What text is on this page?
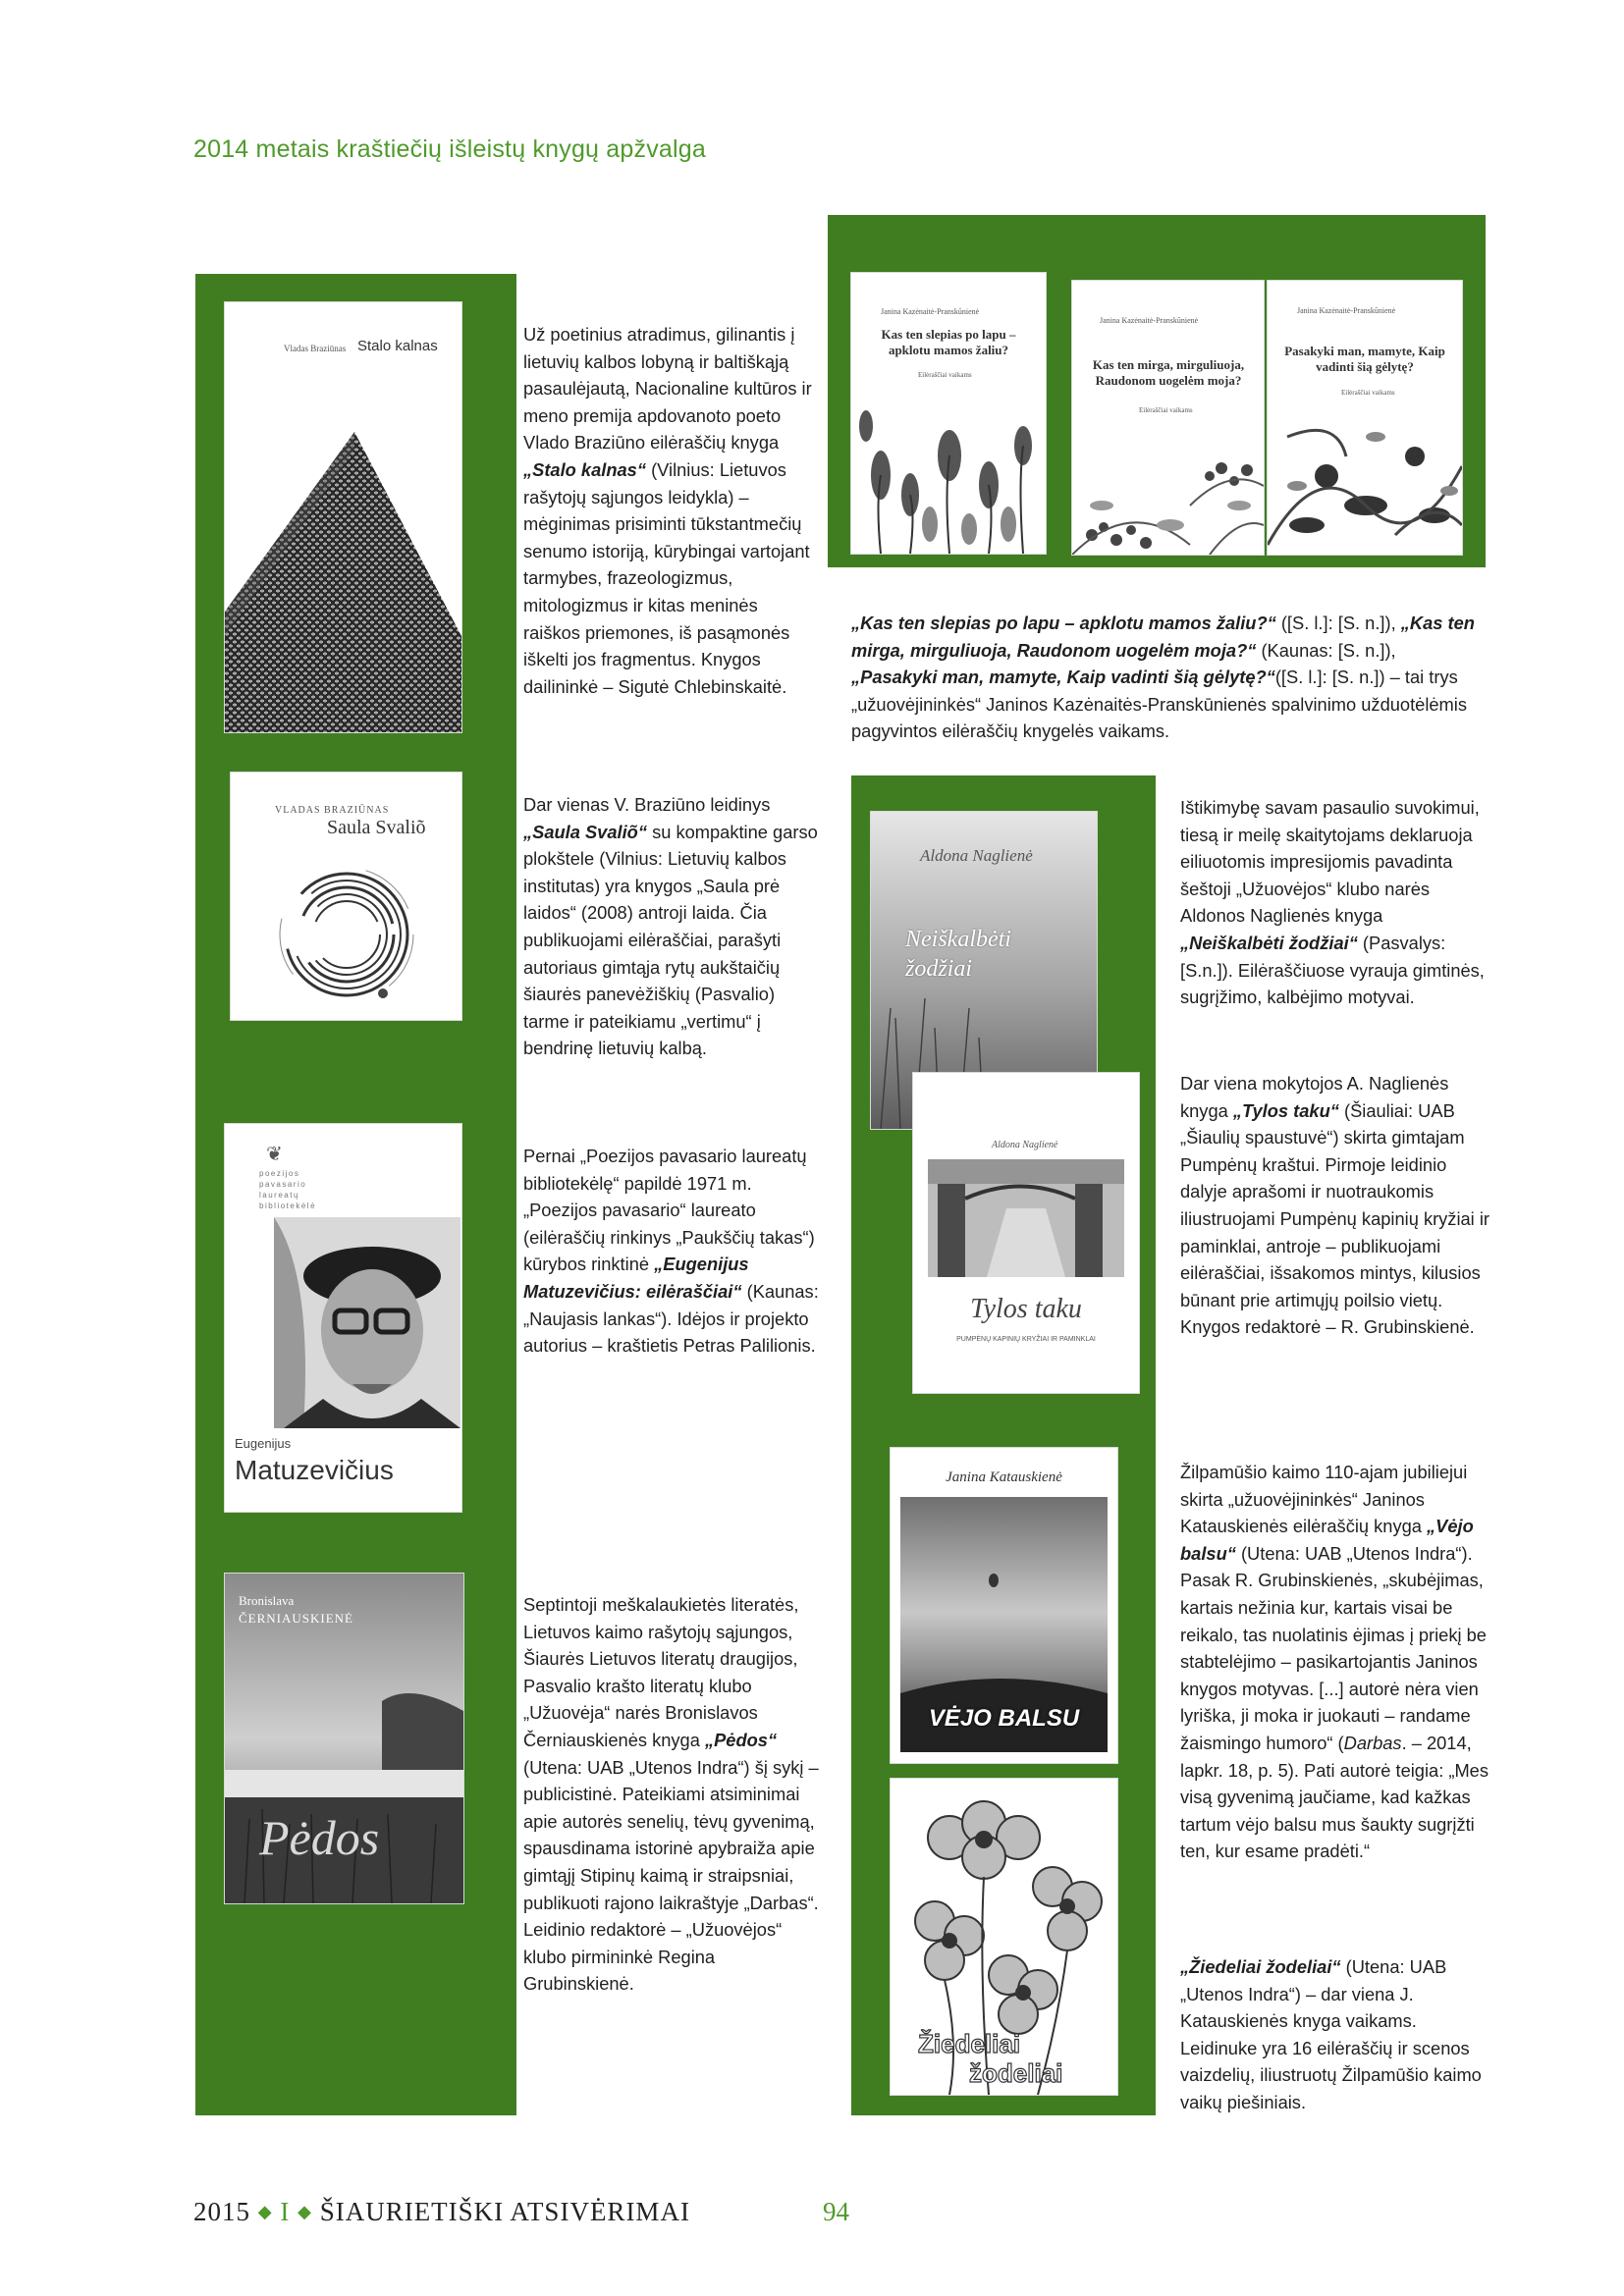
2014 metais kraštiečių išleistų knygų apžvalga
Vladas Braziūnas Stalo kalnas
Už poetinius atradimus, gilinantis į lietuvių kalbos lobyną ir baltiškąją pasaulėjautą, Nacionaline kultūros ir meno premija apdovanoto poeto Vlado Braziūno eilėraščių knyga „Stalo kalnas“ (Vilnius: Lietuvos rašytojų sąjungos leidykla) – mėginimas prisiminti tūkstantmečių senumo istoriją, kūrybingai vartojant tarmybes, frazeologizmus, mitologizmus ir kitas meninės raiškos priemones, iš pasąmonės iškelti jos fragmentus. Knygos dailininkė – Sigutė Chlebinskaitė.
VLADAS BRAZIŪNAS
Saula Svaliõ
Dar vienas V. Braziūno leidinys „Saula Svaliõ“ su kompaktine garso plokštele (Vilnius: Lietuvių kalbos institutas) yra knygos „Saula prė laidos“ (2008) antroji laida. Čia publikuojami eilėraščiai, parašyti autoriaus gimtąja rytų aukštaičių šiaurės panevėžiškių (Pasvalio) tarme ir pateikiamu „vertimu“ į bendrinę lietuvių kalbą.
❦
poezijos pavasario laureatų bibliotekėlė
Eugenijus
Matuzevičius
Pernai „Poezijos pavasario laureatų bibliotekėlę“ papildė 1971 m. „Poezijos pavasario“ laureato (eilėraščių rinkinys „Paukščių takas“) kūrybos rinktinė „Eugenijus Matuzevičius: eilėraščiai“ (Kaunas: „Naujasis lankas“). Idėjos ir projekto autorius – kraštietis Petras Palilionis.
Bronislava
ČERNIAUSKIENĖ
Pėdos
Septintoji meškalaukietės literatės, Lietuvos kaimo rašytojų sąjungos, Šiaurės Lietuvos literatų draugijos, Pasvalio krašto literatų klubo „Užuovėja“ narės Bronislavos Černiauskienės knyga „Pėdos“ (Utena: UAB „Utenos Indra“) šį sykį – publicistinė. Pateikiami atsiminimai apie autorės senelių, tėvų gyvenimą, spausdinama istorinė apybraiža apie gimtąjį Stipinų kaimą ir straipsniai, publikuoti rajono laikraštyje „Darbas“. Leidinio redaktorė – „Užuovėjos“ klubo pirmininkė Regina Grubinskienė.
Janina Kazėnaitė-Pranskūnienė
Kas ten slepias po lapu – apklotu mamos žaliu?
Eilėraščiai vaikams
Janina Kazėnaitė-Pranskūnienė
Kas ten mirga, mirguliuoja, Raudonom uogelėm moja?
Eilėraščiai vaikams
Janina Kazėnaitė-Pranskūnienė
Pasakyki man, mamyte, Kaip vadinti šią gėlytę?
Eilėraščiai vaikams
„Kas ten slepias po lapu – apklotu mamos žaliu?“ ([S. l.]: [S. n.]), „Kas ten mirga, mirguliuoja, Raudonom uogelėm moja?“ (Kaunas: [S. n.]), „Pasakyki man, mamyte, Kaip vadinti šią gėlytę?“([S. l.]: [S. n.]) – tai trys „užuovėjininkės“ Janinos Kazėnaitės-Pranskūnienės spalvinimo užduotėlėmis pagyvintos eilėraščių knygelės vaikams.
Aldona Naglienė
Neiškalbėti žodžiai
Aldona Naglienė
Tylos taku
PUMPĖNŲ KAPINIŲ KRYŽIAI IR PAMINKLAI
Ištikimybę savam pasaulio suvokimui, tiesą ir meilę skaitytojams deklaruoja eiliuotomis impresijomis pavadinta šeštoji „Užuovėjos“ klubo narės Aldonos Naglienės knyga „Neiškalbėti žodžiai“ (Pasvalys: [S.n.]). Eilėraščiuose vyrauja gimtinės, sugrįžimo, kalbėjimo motyvai.
Dar viena mokytojos A. Naglienės knyga „Tylos taku“ (Šiauliai: UAB „Šiaulių spaustuvė“) skirta gimtajam Pumpėnų kraštui. Pirmoje leidinio dalyje aprašomi ir nuotraukomis iliustruojami Pumpėnų kapinių kryžiai ir paminklai, antroje – publikuojami eilėraščiai, išsakomos mintys, kilusios būnant prie artimųjų poilsio vietų. Knygos redaktorė – R. Grubinskienė.
Janina Katauskienė
VĖJO BALSU
Žiedeliai
žodeliai
Žilpamūšio kaimo 110-ajam jubiliejui skirta „užuovėjininkės“ Janinos Katauskienės eilėraščių knyga „Vėjo balsu“ (Utena: UAB „Utenos Indra“). Pasak R. Grubinskienės, „skubėjimas, kartais nežinia kur, kartais visai be reikalo, tas nuolatinis ėjimas į priekį be stabtelėjimo – pasikartojantis Janinos knygos motyvas. [...] autorė nėra vien lyriška, ji moka ir juokauti – randame žaismingo humoro“ (Darbas. – 2014, lapkr. 18, p. 5). Pati autorė teigia: „Mes visą gyvenimą jaučiame, kad kažkas tartum vėjo balsu mus šaukty sugrįžti ten, kur esame pradėti.“
„Žiedeliai žodeliai“ (Utena: UAB „Utenos Indra“) – dar viena J. Katauskienės knyga vaikams. Leidinuke yra 16 eilėraščių ir scenos vaizdelių, iliustruotų Žilpamūšio kaimo vaikų piešiniais.
2015 ◆ I ◆ ŠIAURIETIŠKI ATSIVĖRIMAI	94
